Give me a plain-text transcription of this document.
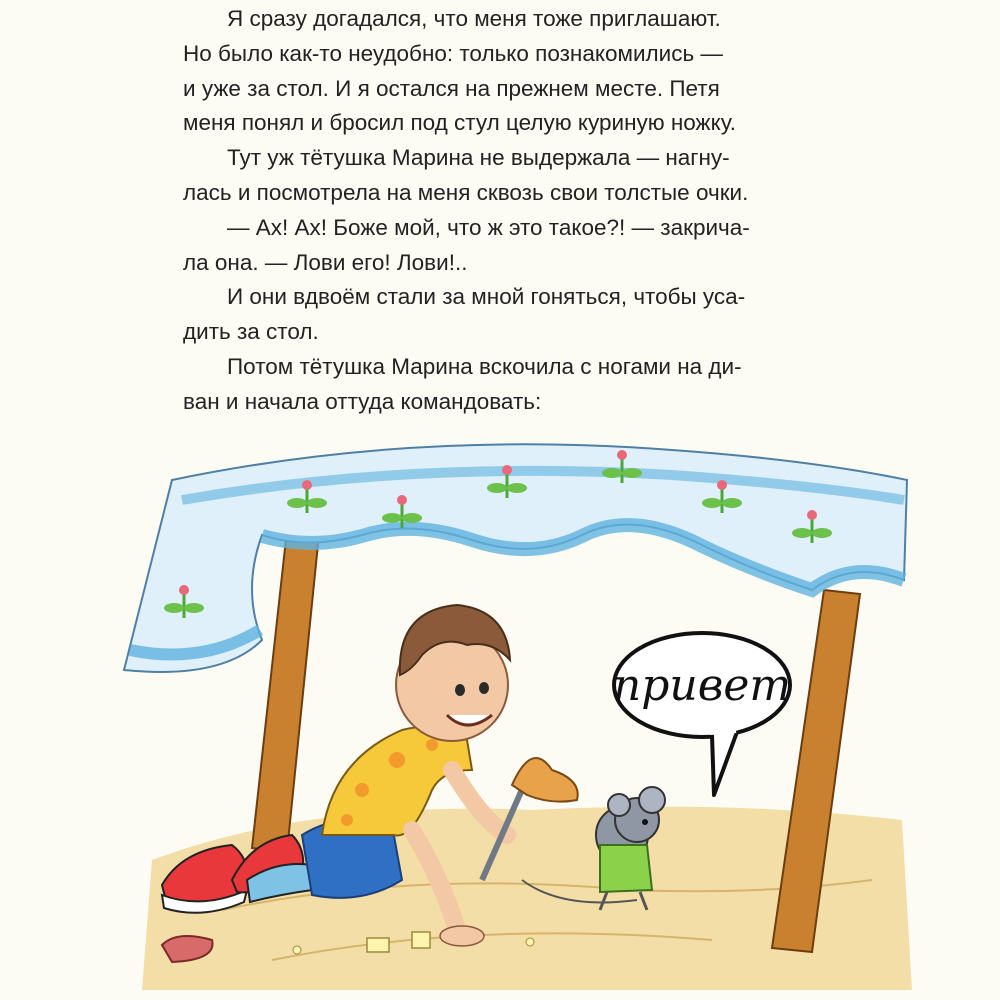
Я сразу догадался, что меня тоже приглашают.

Но было как-то неудобно: только познакомились —

и уже за стол. И я остался на прежнем месте. Петя

меня понял и бросил под стул целую куриную ножку.

Тут уж тётушка Марина не выдержала — нагну-

лась и посмотрела на меня сквозь свои толстые очки.

— Ах! Ах! Боже мой, что ж это такое?! — закрича-

ла она. — Лови его! Лови!..

И они вдвоём стали за мной гоняться, чтобы уса-

дить за стол.

Потом тётушка Марина вскочила с ногами на ди-

ван и начала оттуда командовать:

привет
